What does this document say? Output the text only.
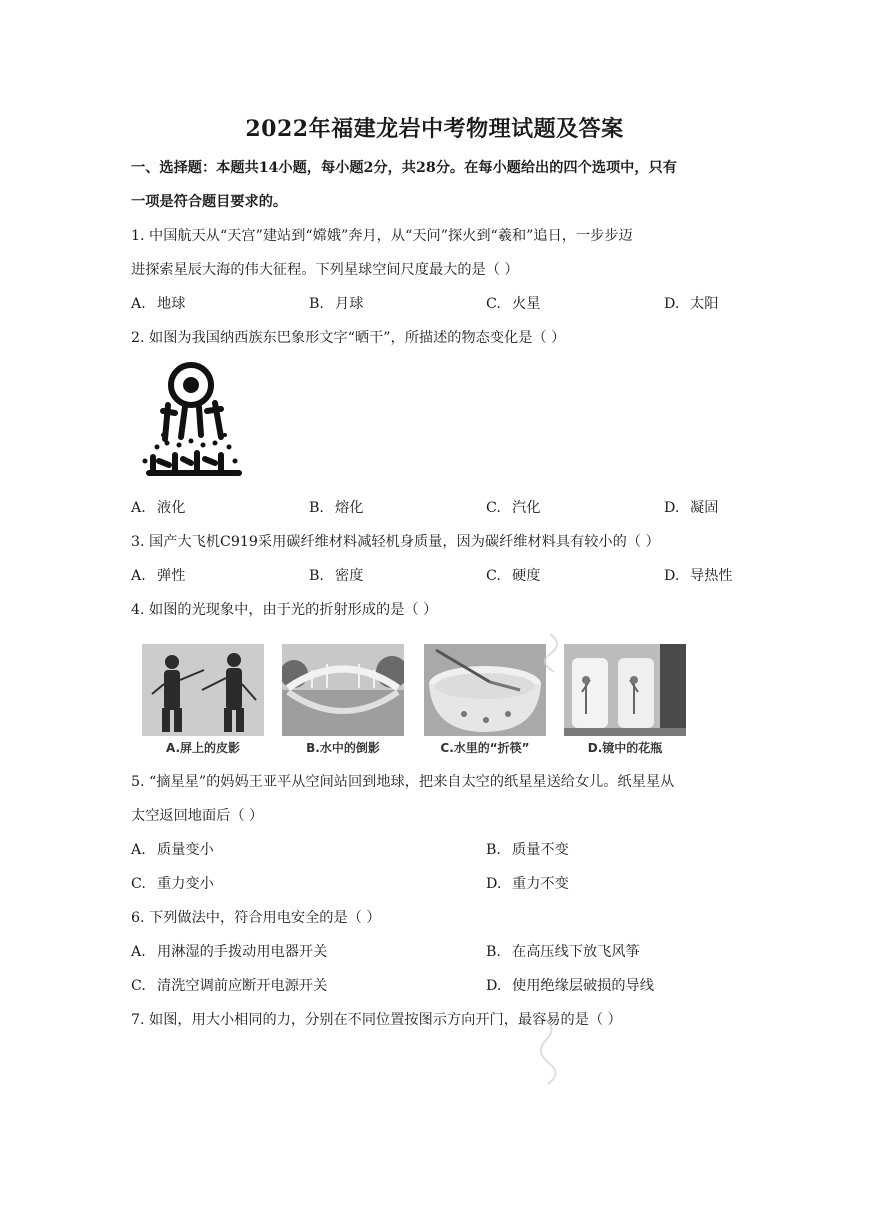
2022年福建龙岩中考物理试题及答案
一、选择题：本题共14小题，每小题2分，共28分。在每小题给出的四个选项中，只有
一项是符合题目要求的。
1. 中国航天从“天宫”建站到“嫦娥”奔月，从“天问”探火到“羲和”追日，一步步迈
进探索星辰大海的伟大征程。下列星球空间尺度最大的是（ ）
A. 地球	B. 月球	C. 火星	D. 太阳
2. 如图为我国纳西族东巴象形文字“晒干”，所描述的物态变化是（ ）
A. 液化	B. 熔化	C. 汽化	D. 凝固
3. 国产大飞机C919采用碳纤维材料减轻机身质量，因为碳纤维材料具有较小的（ ）
A. 弹性	B. 密度	C. 硬度	D. 导热性
4. 如图的光现象中，由于光的折射形成的是（ ）
A.屏上的皮影	B.水中的倒影	C.水里的“折筷”	D.镜中的花瓶
5. “摘星星”的妈妈王亚平从空间站回到地球，把来自太空的纸星星送给女儿。纸星星从
太空返回地面后（ ）
A. 质量变小	B. 质量不变
C. 重力变小	D. 重力不变
6. 下列做法中，符合用电安全的是（ ）
A. 用淋湿的手拨动用电器开关	B. 在高压线下放飞风筝
C. 清洗空调前应断开电源开关	D. 使用绝缘层破损的导线
7. 如图，用大小相同的力，分别在不同位置按图示方向开门，最容易的是（ ）
